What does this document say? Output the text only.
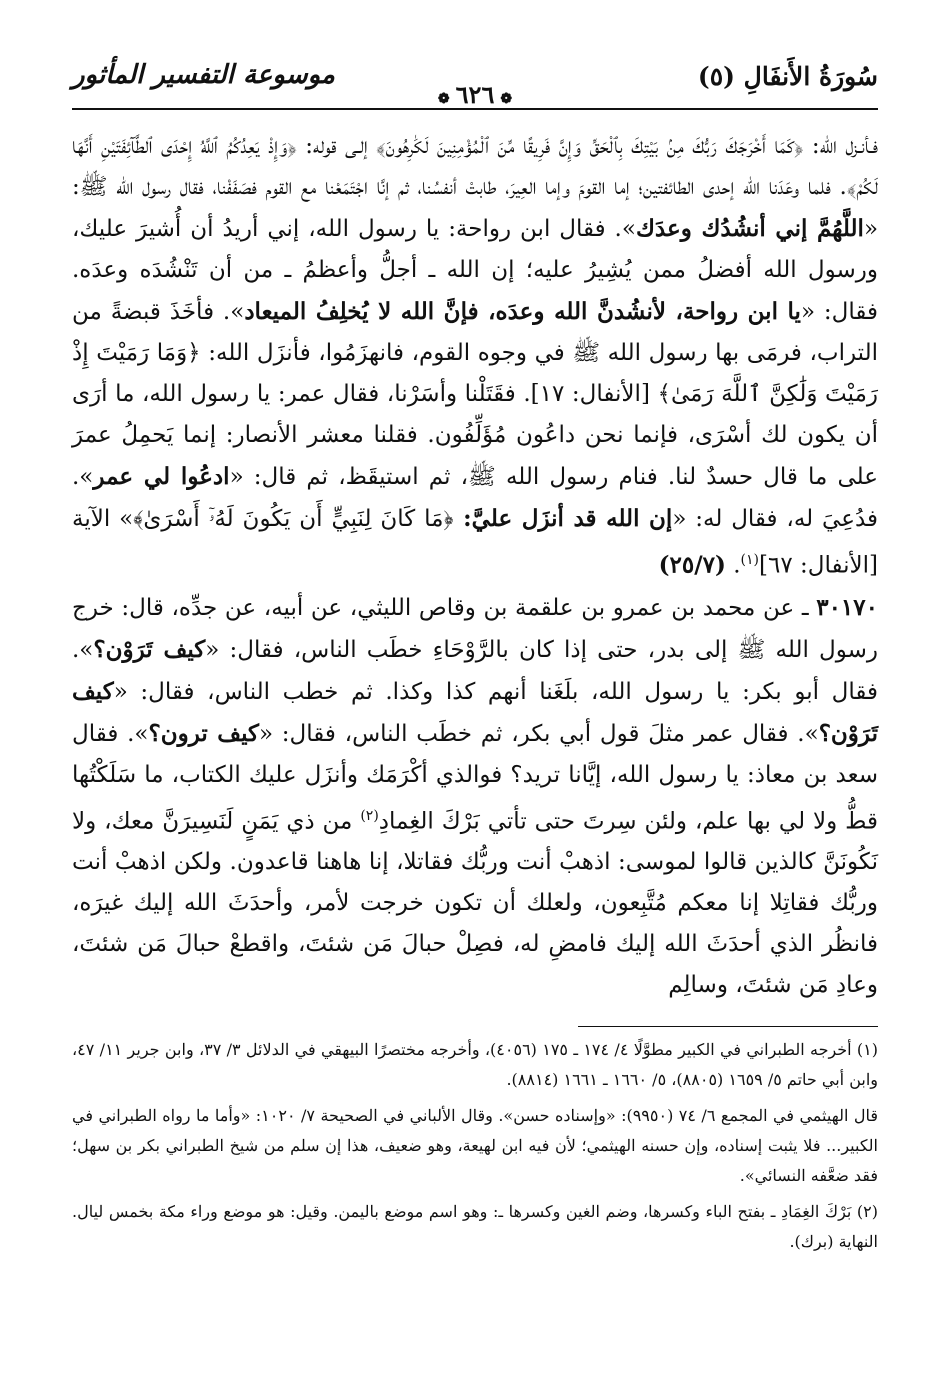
سُورَةُ الأَنفَالِ (٥)
❁٦٢٦❁
موسوعة التفسير المأثور

فـأنـزل الله: ﴿كَمَا أَخْرَجَكَ رَبُّكَ مِنۢ بَيْتِكَ بِٱلْحَقِّ وَإِنَّ فَرِيقًا مِّنَ ٱلْمُؤْمِنِينَ لَكَٰرِهُونَ﴾ إلـى قوله: ﴿وَإِذْ يَعِدُكُمُ ٱللَّهُ إِحْدَى ٱلطَّآئِفَتَيْنِ أَنَّهَا لَكُمْ﴾. فلما وعَدَنا الله إحدى الطائفتين؛ إما القومَ وإما العِيرَ، طابتْ أنفسُنا، ثم إنَّا اجْتَمَعْنا مع القوم فصَفَفْنا، فقال رسول الله ﷺ: «اللَّهُمَّ إني أنشُدُك وعدَك». فقال ابن رواحة: يا رسول الله، إني أريدُ أن أُشيرَ عليك، ورسول الله أفضلُ ممن يُشِيرُ عليه؛ إن الله ـ أجلُّ وأعظمُ ـ من أن تَنْشُدَه وعدَه. فقال: «يا ابن رواحة، لأنشُدنَّ الله وعدَه، فإنَّ الله لا يُخلِفُ الميعاد». فأخَذَ قبضةً من التراب، فرمَى بها رسول الله ﷺ في وجوه القوم، فانهزَمُوا، فأنزَل الله: ﴿وَمَا رَمَيْتَ إِذْ رَمَيْتَ وَلَٰكِنَّ ٱللَّهَ رَمَىٰ﴾ [الأنفال: ١٧]. فقَتَلْنا وأسَرْنا، فقال عمر: يا رسول الله، ما أرَى أن يكون لك أسْرَى، فإنما نحن داعُون مُؤَلِّفُون. فقلنا معشر الأنصار: إنما يَحمِلُ عمرَ على ما قال حسدٌ لنا. فنام رسول الله ﷺ، ثم استيقَظ، ثم قال: «ادعُوا لي عمر». فدُعِيَ له، فقال له: «إن الله قد أنزَل عليَّ: ﴿مَا كَانَ لِنَبِيٍّ أَن يَكُونَ لَهُۥٓ أَسْرَىٰ﴾» الآية [الأنفال: ٦٧]$^{(١)}$. (٢٥/٧)

٣٠١٧٠ ـ عن محمد بن عمرو بن علقمة بن وقاص الليثي، عن أبيه، عن جدِّه، قال: خرج رسول الله ﷺ إلى بدر، حتى إذا كان بالرَّوْحَاءِ خطَب الناس، فقال: «كيف تَرَوْن؟». فقال أبو بكر: يا رسول الله، بلَغَنا أنهم كذا وكذا. ثم خطب الناس، فقال: «كيف تَرَوْن؟». فقال عمر مثلَ قول أبي بكر، ثم خطَب الناس، فقال: «كيف ترون؟». فقال سعد بن معاذ: يا رسول الله، إيَّانا تريد؟ فوالذي أكْرَمَك وأنزَل عليك الكتاب، ما سَلَكْتُها قطُّ ولا لي بها علم، ولئن سِرتَ حتى تأتي بَرْكَ الغِمادِ$^{(٢)}$ من ذي يَمَنٍ لَنَسِيرَنَّ معك، ولا نَكُونَنَّ كالذين قالوا لموسى: اذهبْ أنت وربُّك فقاتلا، إنا هاهنا قاعدون. ولكن اذهبْ أنت وربُّك فقاتِلا إنا معكم مُتَّبِعون، ولعلك أن تكون خرجت لأمر، وأحدَثَ الله إليك غيرَه، فانظُر الذي أحدَثَ الله إليك فامضِ له، فصِلْ حبالَ مَن شئتَ، واقطعْ حبالَ مَن شئتَ، وعادِ مَن شئتَ، وسالِم

(١) أخرجه الطبراني في الكبير مطوَّلًا ٤/ ١٧٤ ـ ١٧٥ (٤٠٥٦)، وأخرجه مختصرًا البيهقي في الدلائل ٣/ ٣٧، وابن جرير ١١/ ٤٧، وابن أبي حاتم ٥/ ١٦٥٩ (٨٨٠٥)، ٥/ ١٦٦٠ ـ ١٦٦١ (٨٨١٤).

قال الهيثمي في المجمع ٦/ ٧٤ (٩٩٥٠): «وإسناده حسن». وقال الألباني في الصحيحة ٧/ ١٠٢٠: «وأما ما رواه الطبراني في الكبير... فلا يثبت إسناده، وإن حسنه الهيثمي؛ لأن فيه ابن لهيعة، وهو ضعيف، هذا إن سلم من شيخ الطبراني بكر بن سهل؛ فقد ضعَّفه النسائي».

(٢) بَرْكَ الغِمَادِ ـ بفتح الباء وكسرها، وضم الغين وكسرها ـ: وهو اسم موضع باليمن. وقيل: هو موضع وراء مكة بخمس ليال. النهاية (برك).
